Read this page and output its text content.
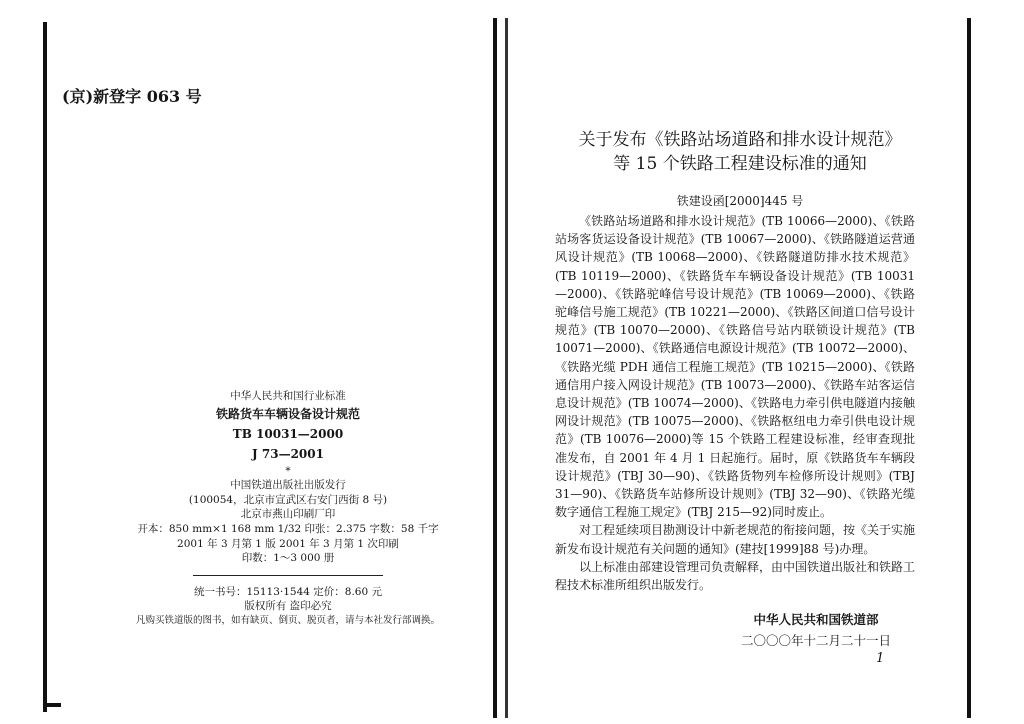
(京)新登字 063 号
中华人民共和国行业标准
铁路货车车辆设备设计规范
TB 10031—2000
J 73—2001
*
中国铁道出版社出版发行
(100054，北京市宣武区右安门西街 8 号)
北京市燕山印刷厂印
开本：850 mm×1 168 mm 1/32 印张：2.375 字数：58 千字
2001 年 3 月第 1 版 2001 年 3 月第 1 次印刷
印数：1～3 000 册
统一书号：15113·1544 定价：8.60 元
版权所有 盗印必究
凡购买铁道版的图书，如有缺页、倒页、脱页者，请与本社发行部调换。
关于发布《铁路站场道路和排水设计规范》
等 15 个铁路工程建设标准的通知
铁建设函[2000]445 号

《铁路站场道路和排水设计规范》(TB 10066—2000)、《铁路站场客货运设备设计规范》(TB 10067—2000)、《铁路隧道运营通风设计规范》(TB 10068—2000)、《铁路隧道防排水技术规范》(TB 10119—2000)、《铁路货车车辆设备设计规范》(TB 10031—2000)、《铁路驼峰信号设计规范》(TB 10069—2000)、《铁路驼峰信号施工规范》(TB 10221—2000)、《铁路区间道口信号设计规范》(TB 10070—2000)、《铁路信号站内联锁设计规范》(TB 10071—2000)、《铁路通信电源设计规范》(TB 10072—2000)、《铁路光缆 PDH 通信工程施工规范》(TB 10215—2000)、《铁路通信用户接入网设计规范》(TB 10073—2000)、《铁路车站客运信息设计规范》(TB 10074—2000)、《铁路电力牵引供电隧道内接触网设计规范》(TB 10075—2000)、《铁路枢纽电力牵引供电设计规范》(TB 10076—2000)等 15 个铁路工程建设标准，经审查现批准发布，自 2001 年 4 月 1 日起施行。届时，原《铁路货车车辆段设计规范》(TBJ 30—90)、《铁路货物列车检修所设计规则》(TBJ 31—90)、《铁路货车站修所设计规则》(TBJ 32—90)、《铁路光缆数字通信工程施工规定》(TBJ 215—92)同时废止。

对工程延续项目勘测设计中新老规范的衔接问题，按《关于实施新发布设计规范有关问题的通知》(建技[1999]88 号)办理。

以上标准由部建设管理司负责解释，由中国铁道出版社和铁路工程技术标准所组织出版发行。

中华人民共和国铁道部
二〇〇〇年十二月二十一日
1
